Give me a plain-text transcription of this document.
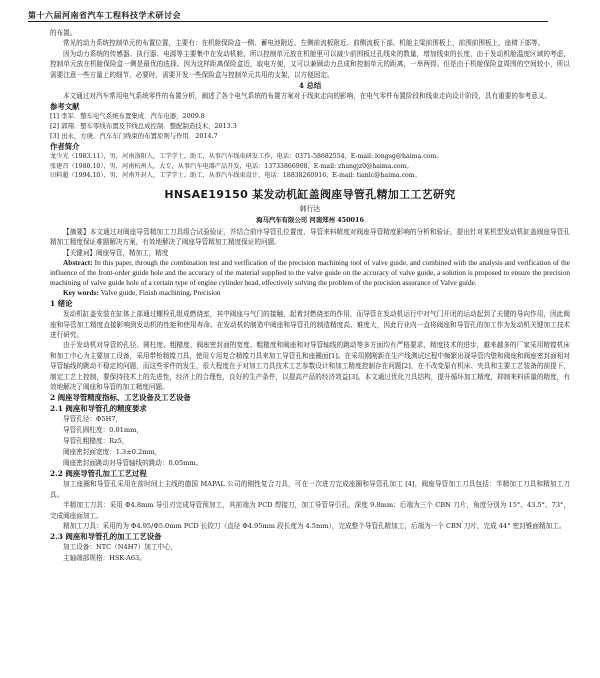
第十六届河南省汽车工程科技学术研讨会
的布置。
常见的动力系统控制单元的布置位置，主要有：在机舱保险盒一侧、蓄电池附近、左侧前流板附近、前侧流板下部、机舱主梁前围板上，前围前围板上，座椅下部等。
因为动力系统的传感器、执行器、电源等主要集中在发动机舱，所以控制单元放在机舱里可以减少前围板过孔线束的数量，增加线束的长度，由于发动机舱温度区域的考虑，控制单元放在机舱保险盒一侧是最优的选择。因为这样距离保险盒近，取电方便，又可以兼顾动力总成和控制单元的距离，一举两得。但是由于机舱保险盒周围的空间较小，所以需要注意一些方量上的细节，必要时，需要开发一些保险盒与控制单元共用的支架，以方便固定。
4 总结
本文通过对汽车常用电气系统零件的布置分析，阐述了各个电气系统的布置方案对于线束走向的影响，在电气零件布置阶段和线束走向设计阶段，具有重要的参考意义。
参考文献
[1] 李军．整车电气系统布置集成．汽车电器，2009.8
[2] 郭翔．整车零线布置及节线总成控制．整配制造技术，2013.3
[3] 田永，方庚．汽车车门线束的布置原则与作用．2014.7
作者简介
龙少光（1983.11），男，河南洛阳人，工学学士，助工，从事汽车线束研发工作，电话：0371-58682554，E-mail: longsg@haima.com。
张建召（1980.10），男，河南杭州人，大专，从事汽车电器产品开发，电话：13733866908，E-mail: zhangjz0@haima.com。
田料超（1994.10），男，河南开封人，工学学士，助工，从事汽车线束设计，电话：18838260916，E-mail: tianlc@haima.com。
HNSAE19150 某发动机缸盖阀座导管孔精加工工艺研究
韩行达
海马汽车有限公司 河南郑州 450016
【摘要】本文通过对阀座导管精加工刀具组合试验验证，并结合前序导管孔位置度，导管来料精度对阀座导管精度影响的分析和验证，提出针对某机型发动机缸盖阀座导管孔精加工精度保证难题解决方案，有效地解决了阀座导管精加工精度保证的问题。
【关键词】阀座导管，精加工，精度
Abstract: In this paper, through the combination test and verification of the precision machining tool of valve guide, and combined with the analysis and verification of the influence of the front-order guide hole and the accuracy of the material supplied to the valve guide on the accuracy of valve guide, a solution is proposed to ensure the precision machining of valve guide hole of a certain type of engine cylinder head, effectively solving the problem of the precision assurance of Valve guide.
Key words: Valve guide, Finish machining, Precision
1 绪论
发动机缸盖安装在缸体上部通过螺栓孔组成燃烧室，其中阀座与气门的接触，起着封燃烧室的作用，而导管在发动机运行中对气门开闭的运动起到了关键的导向作用，因此阀座和导管加工精度直接影响到发动机的性能和使用寿命。在发动机的制造中阀座和导管孔的制造精度高、难度大，因此行业内一直将阀座和导管孔的加工作为发动机关键加工技术进行研究。
由于发动机对导管的孔径、圆柱度、粗糙度、阀座密封面的宽度、粗糙度和阀座和对导管轴线的跳动等多方面均有严格要求，精度技术的进步，越来越多的厂家采用精镗机床和加工中心为主要加工设备，采用带枪精镗刀具，使用专用复合精镗刀具来加工导管孔和座圈面[1]。在采用刚刚新在生产线测试过程中频繁出现导管内壁和阀座和阀座密封面相对导管轴线的跳动不稳定的问题，而这些零件的发生，很大程度在于对加工刀具技术工艺参数设计和加工精度控制存在问题[2]，在不改变原有机床、夹具和主要工艺装备的前提下，制定工艺上控制，要保持技术上的先进性，经济上的合理性，良好的生产条件，以提高产品的经济效益[3]。本文通过优化刀具结构，提升循环加工精度，抑制来料质量的精度，有效地解决了阀座和导管的加工精度问题。
2 阀座导管精度指标、工艺设备及工艺设备
2.1 阀座和导管孔的精度要求
导管孔径：Φ5H7，
导管孔圆柱度：0.01mm，
导管孔粗糙度：Rz5，
阀座密封面宽度：1.3±0.2mm，
阀座密封面跳动对导管轴线的跳动：0.05mm。
2.2 阀座导管孔加工工艺过程
加工座圈和导管孔采用在前时间上主线的德国 MAPAL 公司的刚性复合刀具，可在一次进刀完成座圈和导管孔加工 [4]，阀座导管加工刀具包括：半精加工刀具和精加工刀具。
半精加工刀具：采用 Φ4.8mm 导引刃完成导管预加工，其前端为 PCD 焊接刀，加工导管导引孔，深度 9.8mm；后端为三个 CBN 刀片，角度分别为 15°、43.5°、73°，完成阀座面加工。
精加工刀具：采用的为 Φ4.95/Φ5.0mm PCD 长铰刀（直径 Φ4.95mm 段长度为 4.5mm），完成整个导管孔精加工，后端为一个 CBN 刀片，完成 44° 密封锥面精加工。
2.3 阀座和导管孔的加工工艺设备
加工设备：NTC（N4H7）加工中心，
主轴端部规格：HSK-A63。
